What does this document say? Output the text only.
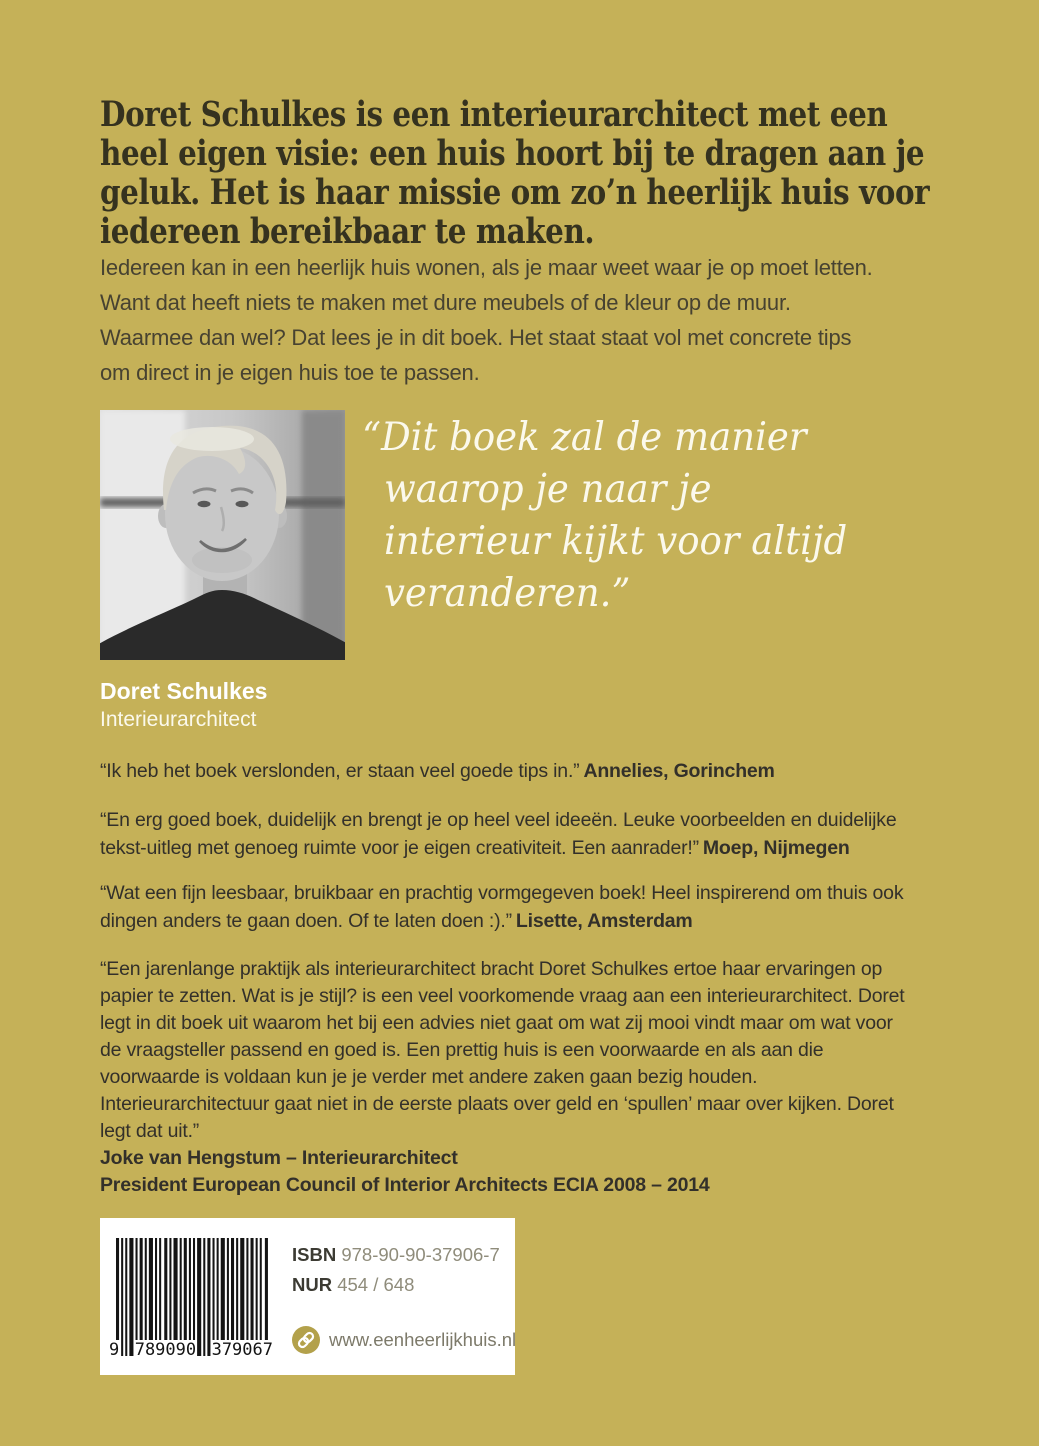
Doret Schulkes is een interieurarchitect met een
heel eigen visie: een huis hoort bij te dragen aan je
geluk. Het is haar missie om zo’n heerlijk huis voor
iedereen bereikbaar te maken.

Iedereen kan in een heerlijk huis wonen, als je maar weet waar je op moet letten. Want dat heeft niets te maken met dure meubels of de kleur op de muur. Waarmee dan wel? Dat lees je in dit boek. Het staat staat vol met concrete tips om direct in je eigen huis toe te passen.

“Dit boek zal de manier
waarop je naar je
interieur kijkt voor altijd
veranderen.”
Doret Schulkes
Interieurarchitect

“Ik heb het boek verslonden, er staan veel goede tips in.” Annelies, Gorinchem

“En erg goed boek, duidelijk en brengt je op heel veel ideeën. Leuke voorbeelden en duidelijke tekst-uitleg met genoeg ruimte voor je eigen creativiteit. Een aanrader!” Moep, Nijmegen

“Wat een fijn leesbaar, bruikbaar en prachtig vormgegeven boek! Heel inspirerend om thuis ook dingen anders te gaan doen. Of te laten doen :).” Lisette, Amsterdam

“Een jarenlange praktijk als interieurarchitect bracht Doret Schulkes ertoe haar ervaringen op papier te zetten. Wat is je stijl? is een veel voorkomende vraag aan een interieurarchitect. Doret legt in dit boek uit waarom het bij een advies niet gaat om wat zij mooi vindt maar om wat voor de vraagsteller passend en goed is. Een prettig huis is een voorwaarde en als aan die voorwaarde is voldaan kun je je verder met andere zaken gaan bezig houden. Interieurarchitectuur gaat niet in de eerste plaats over geld en ‘spullen’ maar over kijken. Doret legt dat uit.”
Joke van Hengstum – Interieurarchitect
President European Council of Interior Architects ECIA 2008 – 2014
9 789090 379067
ISBN 978-90-90-37906-7
NUR 454 / 648
www.eenheerlijkhuis.nl
